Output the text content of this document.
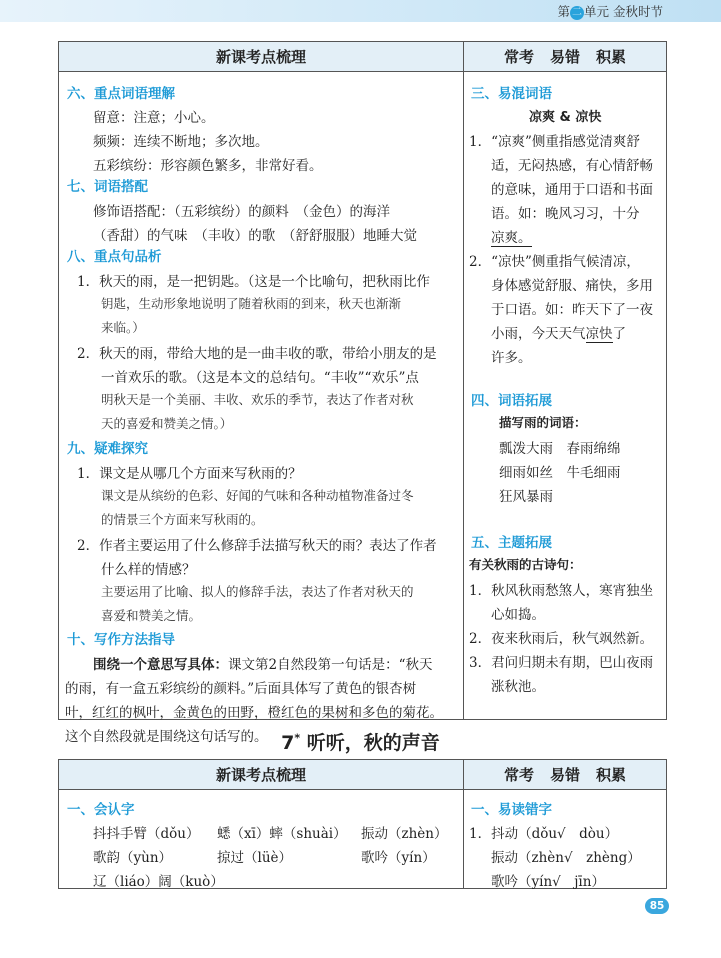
第 二 单元 金秋时节
新课考点梳理	常考 易错 积累
六、重点词语理解
留意：注意；小心。
频频：连续不断地；多次地。
五彩缤纷：形容颜色繁多，非常好看。
七、词语搭配
修饰语搭配：（五彩缤纷）的颜料　（金色）的海洋
（香甜）的气味　（丰收）的歌　（舒舒服服）地睡大觉
八、重点句品析
1．秋天的雨，是一把钥匙。（这是一个比喻句，把秋雨比作
钥匙，生动形象地说明了随着秋雨的到来，秋天也渐渐
来临。）
2．秋天的雨，带给大地的是一曲丰收的歌，带给小朋友的是
一首欢乐的歌。（这是本文的总结句。“丰收”“欢乐”点
明秋天是一个美丽、丰收、欢乐的季节，表达了作者对秋
天的喜爱和赞美之情。）
九、疑难探究
1．课文是从哪几个方面来写秋雨的？
课文是从缤纷的色彩、好闻的气味和各种动植物准备过冬
的情景三个方面来写秋雨的。
2．作者主要运用了什么修辞手法描写秋天的雨？表达了作者
什么样的情感？
主要运用了比喻、拟人的修辞手法，表达了作者对秋天的
喜爱和赞美之情。
十、写作方法指导
围绕一个意思写具体：课文第2自然段第一句话是：“秋天
的雨，有一盒五彩缤纷的颜料。”后面具体写了黄色的银杏树
叶，红红的枫叶，金黄色的田野，橙红色的果树和多色的菊花。
这个自然段就是围绕这句话写的。
三、易混词语
凉爽 & 凉快
1．“凉爽”侧重指感觉清爽舒
适，无闷热感，有心情舒畅
的意味，通用于口语和书面
语。如：晚风习习，十分
凉爽。
2．“凉快”侧重指气候清凉，
身体感觉舒服、痛快，多用
于口语。如：昨天下了一夜
小雨，今天天气凉快了
许多。
四、词语拓展
描写雨的词语：
瓢泼大雨　春雨绵绵
细雨如丝　牛毛细雨
狂风暴雨
五、主题拓展
有关秋雨的古诗句：
1．秋风秋雨愁煞人，寒宵独坐
心如捣。
2．夜来秋雨后，秋气飒然新。
3．君问归期未有期，巴山夜雨
涨秋池。
7* 听听，秋的声音
新课考点梳理	常考 易错 积累
一、会认字
抖抖手臂（dǒu） 蟋（xī）蟀（shuài） 振动（zhèn）
歌韵（yùn）	掠过（lüè）	歌吟（yín）
辽（liáo）阔（kuò）
一、易读错字
1．抖动（dǒu√　dòu）
振动（zhèn√　zhèng）
歌吟（yín√　jīn）
85
